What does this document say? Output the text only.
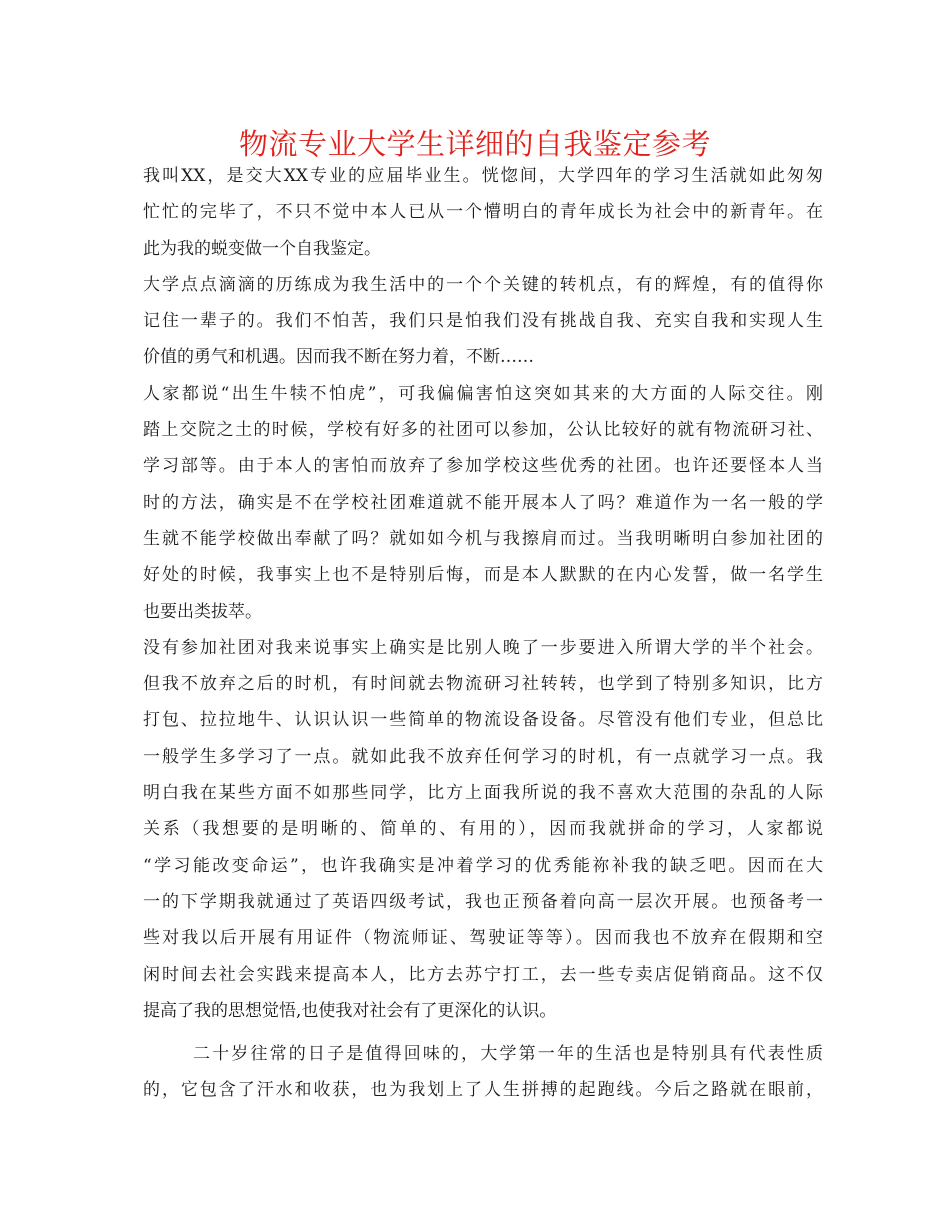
物流专业大学生详细的自我鉴定参考
我叫XX，是交大XX专业的应届毕业生。恍惚间，大学四年的学习生活就如此匆匆
忙忙的完毕了，不只不觉中本人已从一个懵明白的青年成长为社会中的新青年。在
此为我的蜕变做一个自我鉴定。
大学点点滴滴的历练成为我生活中的一个个关键的转机点，有的辉煌，有的值得你
记住一辈子的。我们不怕苦，我们只是怕我们没有挑战自我、充实自我和实现人生
价值的勇气和机遇。因而我不断在努力着，不断……
人家都说“出生牛犊不怕虎”，可我偏偏害怕这突如其来的大方面的人际交往。刚
踏上交院之土的时候，学校有好多的社团可以参加，公认比较好的就有物流研习社、
学习部等。由于本人的害怕而放弃了参加学校这些优秀的社团。也许还要怪本人当
时的方法，确实是不在学校社团难道就不能开展本人了吗？难道作为一名一般的学
生就不能学校做出奉献了吗？就如如今机与我擦肩而过。当我明晰明白参加社团的
好处的时候，我事实上也不是特别后悔，而是本人默默的在内心发誓，做一名学生
也要出类拔萃。
没有参加社团对我来说事实上确实是比别人晚了一步要进入所谓大学的半个社会。
但我不放弃之后的时机，有时间就去物流研习社转转，也学到了特别多知识，比方
打包、拉拉地牛、认识认识一些简单的物流设备设备。尽管没有他们专业，但总比
一般学生多学习了一点。就如此我不放弃任何学习的时机，有一点就学习一点。我
明白我在某些方面不如那些同学，比方上面我所说的我不喜欢大范围的杂乱的人际
关系（我想要的是明晰的、简单的、有用的），因而我就拼命的学习，人家都说
“学习能改变命运”，也许我确实是冲着学习的优秀能祢补我的缺乏吧。因而在大
一的下学期我就通过了英语四级考试，我也正预备着向高一层次开展。也预备考一
些对我以后开展有用证件（物流师证、驾驶证等等）。因而我也不放弃在假期和空
闲时间去社会实践来提高本人，比方去苏宁打工，去一些专卖店促销商品。这不仅
提高了我的思想觉悟,也使我对社会有了更深化的认识。
二十岁往常的日子是值得回味的，大学第一年的生活也是特别具有代表性质
的，它包含了汗水和收获，也为我划上了人生拼搏的起跑线。今后之路就在眼前，
